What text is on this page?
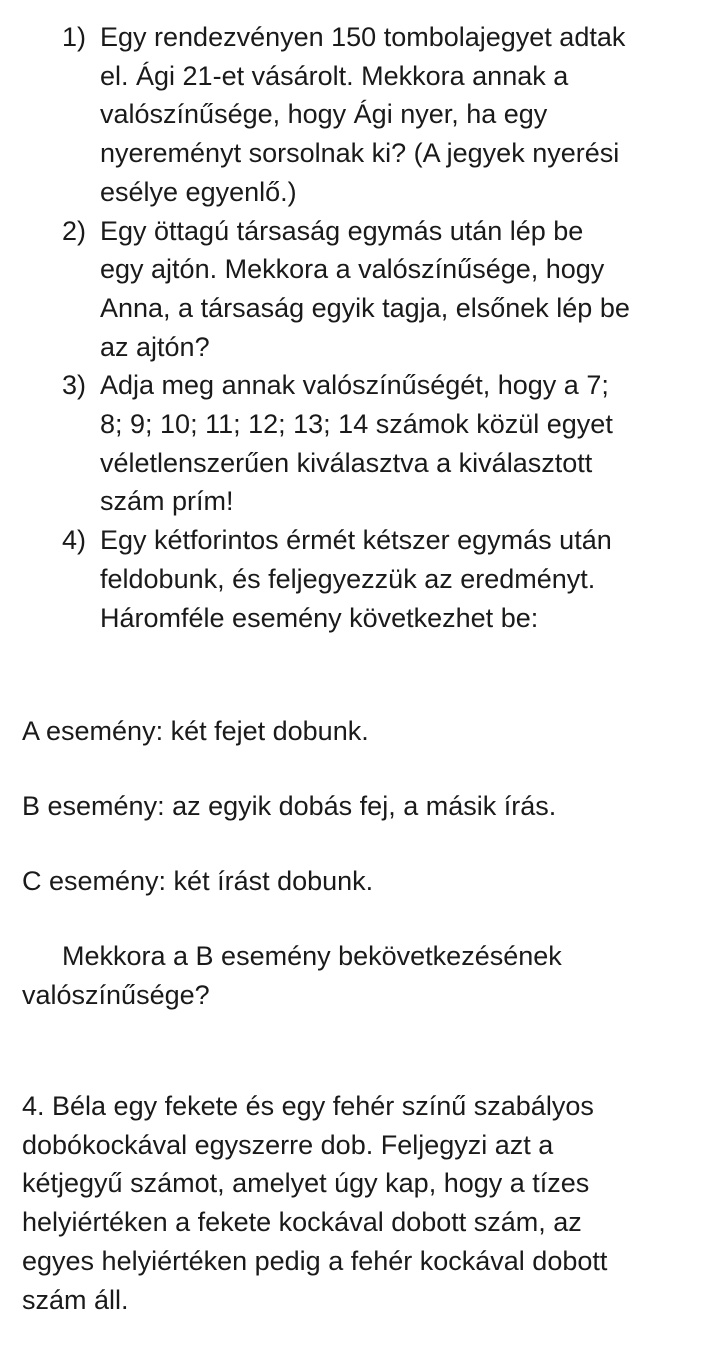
1) Egy rendezvényen 150 tombolajegyet adtak
el. Ági 21-et vásárolt. Mekkora annak a
valószínűsége, hogy Ági nyer, ha egy
nyereményt sorsolnak ki? (A jegyek nyerési
esélye egyenlő.)

2) Egy öttagú társaság egymás után lép be
egy ajtón. Mekkora a valószínűsége, hogy
Anna, a társaság egyik tagja, elsőnek lép be
az ajtón?

3) Adja meg annak valószínűségét, hogy a 7;
8; 9; 10; 11; 12; 13; 14 számok közül egyet
véletlenszerűen kiválasztva a kiválasztott
szám prím!

4) Egy kétforintos érmét kétszer egymás után
feldobunk, és feljegyezzük az eredményt.
Háromféle esemény következhet be:

A esemény: két fejet dobunk.
B esemény: az egyik dobás fej, a másik írás.
C esemény: két írást dobunk.
Mekkora a B esemény bekövetkezésének
valószínűsége?
4. Béla egy fekete és egy fehér színű szabályos
dobókockával egyszerre dob. Feljegyzi azt a
kétjegyű számot, amelyet úgy kap, hogy a tízes
helyiértéken a fekete kockával dobott szám, az
egyes helyiértéken pedig a fehér kockával dobott
szám áll.
